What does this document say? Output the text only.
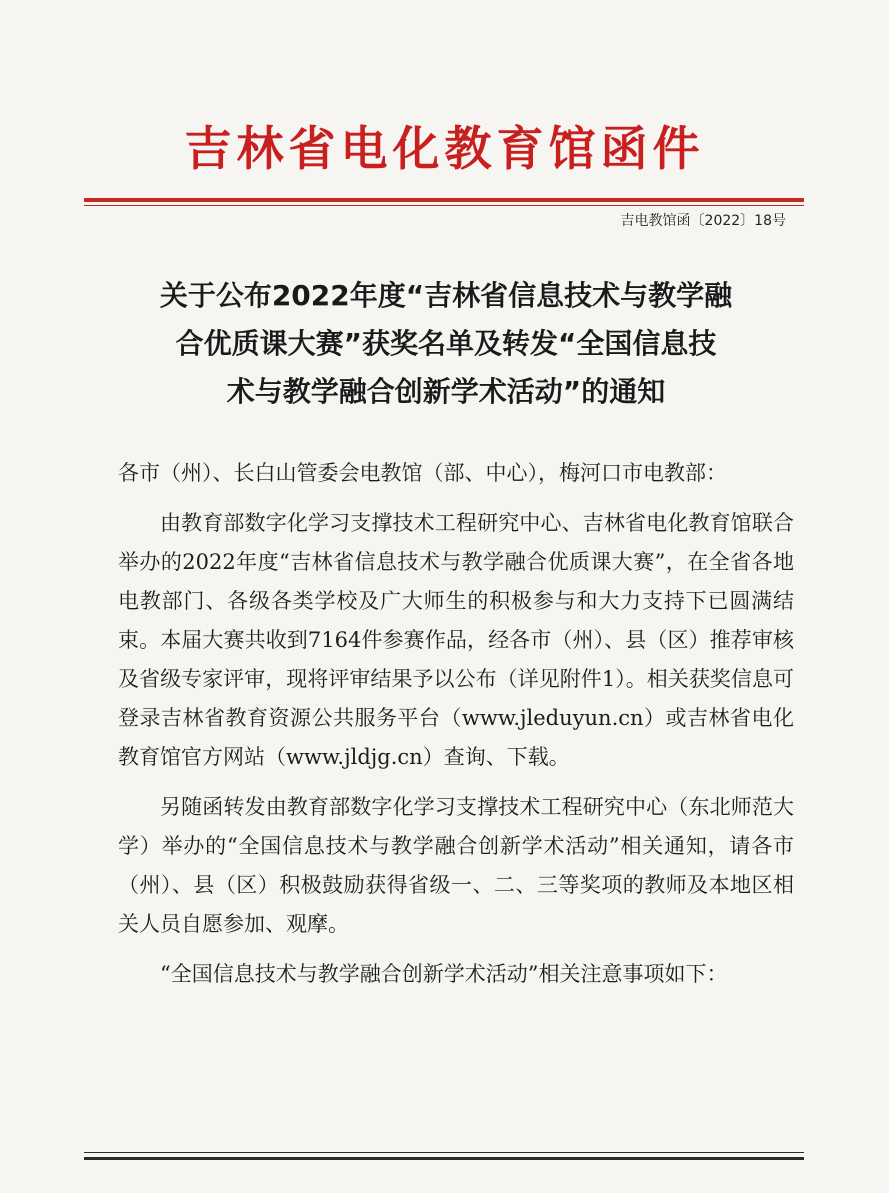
吉林省电化教育馆函件
吉电教馆函〔2022〕18号
关于公布2022年度“吉林省信息技术与教学融
合优质课大赛”获奖名单及转发“全国信息技
术与教学融合创新学术活动”的通知

各市（州）、长白山管委会电教馆（部、中心），梅河口市电教部：

由教育部数字化学习支撑技术工程研究中心、吉林省电化教育馆联合举办的2022年度“吉林省信息技术与教学融合优质课大赛”，在全省各地电教部门、各级各类学校及广大师生的积极参与和大力支持下已圆满结束。本届大赛共收到7164件参赛作品，经各市（州）、县（区）推荐审核及省级专家评审，现将评审结果予以公布（详见附件1）。相关获奖信息可登录吉林省教育资源公共服务平台（www.jleduyun.cn）或吉林省电化教育馆官方网站（www.jldjg.cn）查询、下载。

另随函转发由教育部数字化学习支撑技术工程研究中心（东北师范大学）举办的“全国信息技术与教学融合创新学术活动”相关通知，请各市（州）、县（区）积极鼓励获得省级一、二、三等奖项的教师及本地区相关人员自愿参加、观摩。

“全国信息技术与教学融合创新学术活动”相关注意事项如下：
